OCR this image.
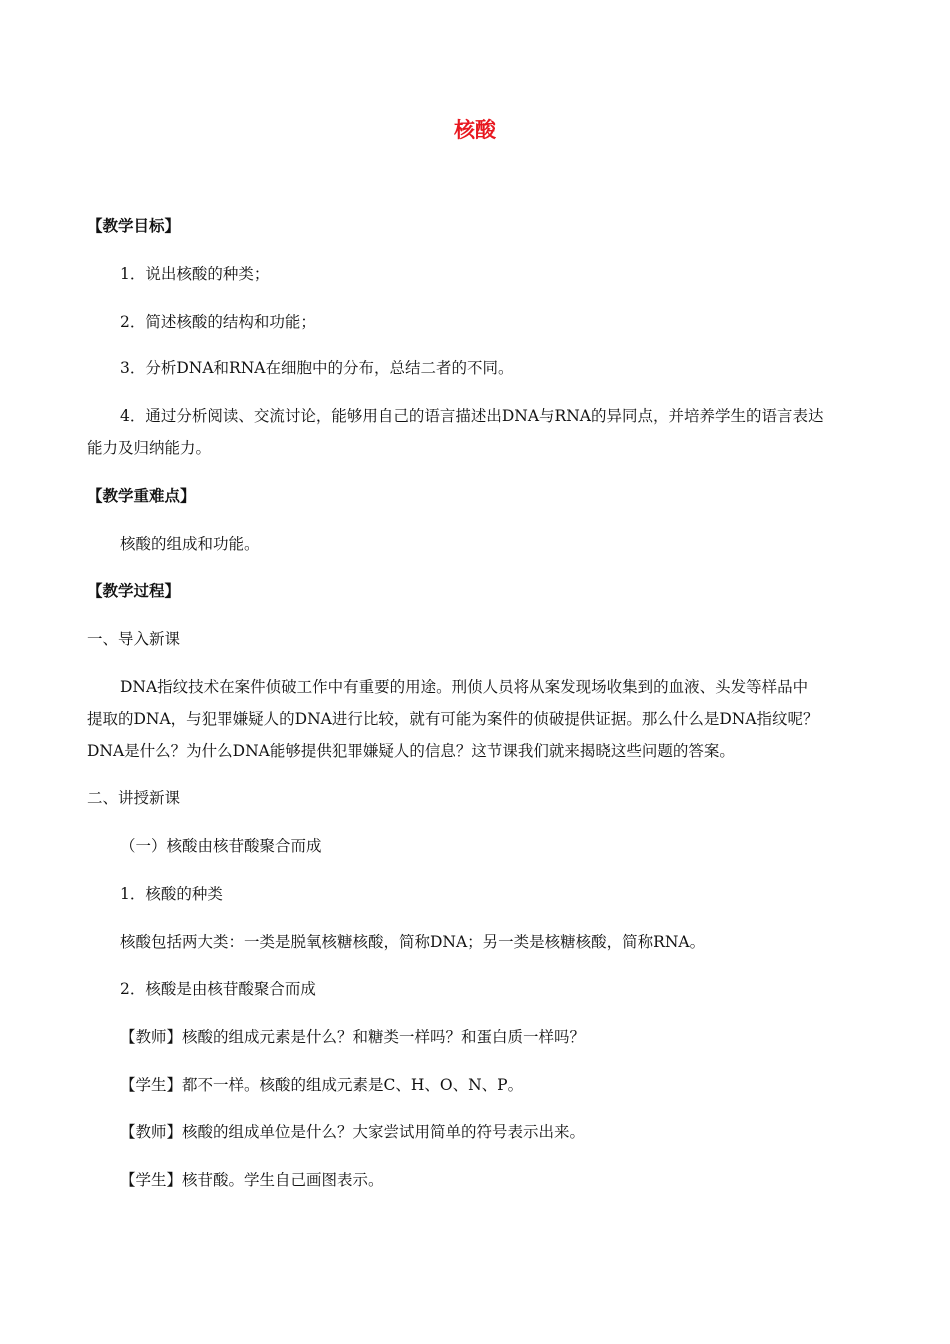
核酸
【教学目标】
1．说出核酸的种类；
2．简述核酸的结构和功能；
3．分析DNA和RNA在细胞中的分布，总结二者的不同。
4．通过分析阅读、交流讨论，能够用自己的语言描述出DNA与RNA的异同点，并培养学生的语言表达
能力及归纳能力。
【教学重难点】
核酸的组成和功能。
【教学过程】
一、导入新课
DNA指纹技术在案件侦破工作中有重要的用途。刑侦人员将从案发现场收集到的血液、头发等样品中
提取的DNA，与犯罪嫌疑人的DNA进行比较，就有可能为案件的侦破提供证据。那么什么是DNA指纹呢？
DNA是什么？为什么DNA能够提供犯罪嫌疑人的信息？这节课我们就来揭晓这些问题的答案。
二、讲授新课
（一）核酸由核苷酸聚合而成
1．核酸的种类
核酸包括两大类：一类是脱氧核糖核酸，简称DNA；另一类是核糖核酸，简称RNA。
2．核酸是由核苷酸聚合而成
【教师】核酸的组成元素是什么？和糖类一样吗？和蛋白质一样吗？
【学生】都不一样。核酸的组成元素是C、H、O、N、P。
【教师】核酸的组成单位是什么？大家尝试用简单的符号表示出来。
【学生】核苷酸。学生自己画图表示。
